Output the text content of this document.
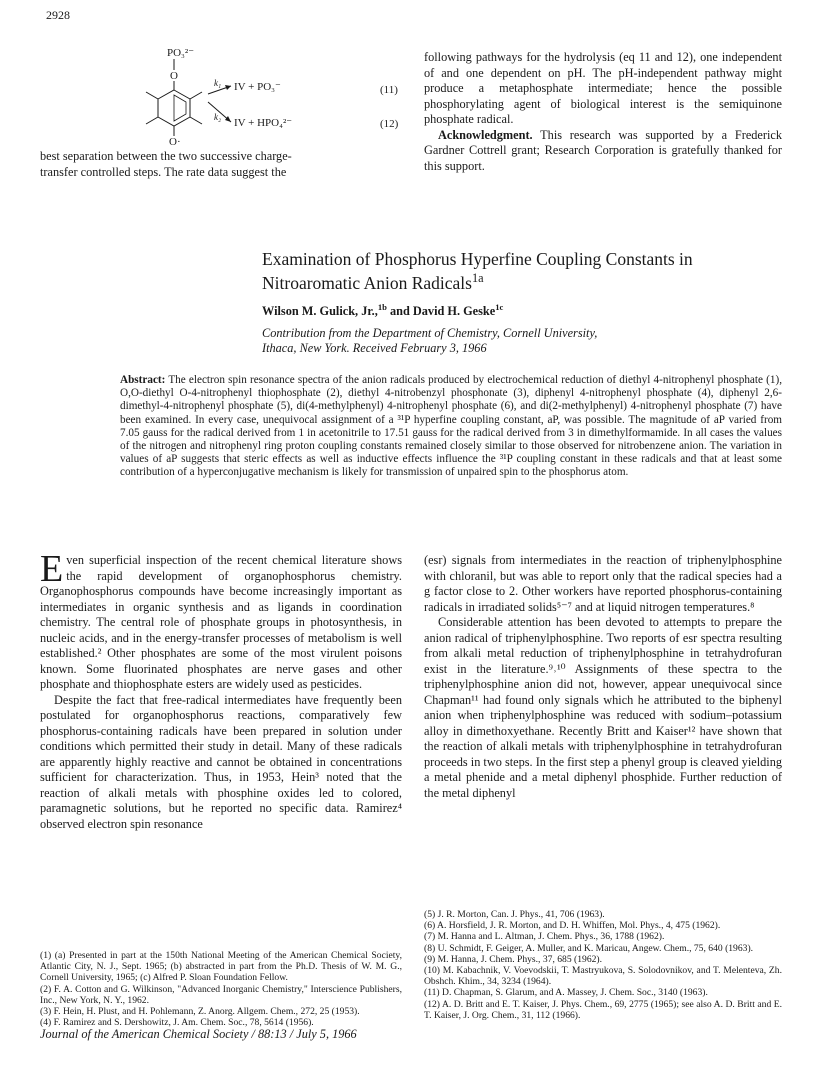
2928
PO₃²⁻
O
O·
k₁
k₂
IV + PO₃⁻
IV + HPO₄²⁻
(11)
(12)
best separation between the two successive charge-
transfer controlled steps. The rate data suggest the

following pathways for the hydrolysis (eq 11 and 12), one independent of and one dependent on pH. The pH-independent pathway might produce a metaphosphate intermediate; hence the possible phosphorylating agent of biological interest is the semiquinone phosphate radical.

Acknowledgment. This research was supported by a Frederick Gardner Cottrell grant; Research Corporation is gratefully thanked for this support.

Examination of Phosphorus Hyperfine Coupling Constants in
Nitroaromatic Anion Radicals$^{1a}$
Wilson M. Gulick, Jr.,$^{1b}$ and David H. Geske$^{1c}$
Contribution from the Department of Chemistry, Cornell University,
Ithaca, New York. Received February 3, 1966
Abstract: The electron spin resonance spectra of the anion radicals produced by electrochemical reduction of diethyl 4-nitrophenyl phosphate (1), O,O-diethyl O-4-nitrophenyl thiophosphate (2), diethyl 4-nitrobenzyl phosphonate (3), diphenyl 4-nitrophenyl phosphate (4), diphenyl 2,6-dimethyl-4-nitrophenyl phosphate (5), di(4-methylphenyl) 4-nitrophenyl phosphate (6), and di(2-methylphenyl) 4-nitrophenyl phosphate (7) have been examined. In every case, unequivocal assignment of a ³¹P hyperfine coupling constant, aP, was possible. The magnitude of aP varied from 7.05 gauss for the radical derived from 1 in acetonitrile to 17.51 gauss for the radical derived from 3 in dimethylformamide. In all cases the values of the nitrogen and nitrophenyl ring proton coupling constants remained closely similar to those observed for nitrobenzene anion. The variation in values of aP suggests that steric effects as well as inductive effects influence the ³¹P coupling constant in these radicals and that at least some contribution of a hyperconjugative mechanism is likely for transmission of unpaired spin to the phosphorus atom.

Even superficial inspection of the recent chemical literature shows the rapid development of organophosphorus chemistry. Organophosphorus compounds have become increasingly important as intermediates in organic synthesis and as ligands in coordination chemistry. The central role of phosphate groups in photosynthesis, in nucleic acids, and in the energy-transfer processes of metabolism is well established.² Other phosphates are some of the most virulent poisons known. Some fluorinated phosphates are nerve gases and other phosphate and thiophosphate esters are widely used as pesticides.

Despite the fact that free-radical intermediates have frequently been postulated for organophosphorus reactions, comparatively few phosphorus-containing radicals have been prepared in solution under conditions which permitted their study in detail. Many of these radicals are apparently highly reactive and cannot be obtained in concentrations sufficient for characterization. Thus, in 1953, Hein³ noted that the reaction of alkali metals with phosphine oxides led to colored, paramagnetic solutions, but he reported no specific data. Ramirez⁴ observed electron spin resonance

(esr) signals from intermediates in the reaction of triphenylphosphine with chloranil, but was able to report only that the radical species had a g factor close to 2. Other workers have reported phosphorus-containing radicals in irradiated solids⁵⁻⁷ and at liquid nitrogen temperatures.⁸

Considerable attention has been devoted to attempts to prepare the anion radical of triphenylphosphine. Two reports of esr spectra resulting from alkali metal reduction of triphenylphosphine in tetrahydrofuran exist in the literature.⁹˒¹⁰ Assignments of these spectra to the triphenylphosphine anion did not, however, appear unequivocal since Chapman¹¹ had found only signals which he attributed to the biphenyl anion when triphenylphosphine was reduced with sodium–potassium alloy in dimethoxyethane. Recently Britt and Kaiser¹² have shown that the reaction of alkali metals with triphenylphosphine in tetrahydrofuran proceeds in two steps. In the first step a phenyl group is cleaved yielding a metal phenide and a metal diphenyl phosphide. Further reduction of the metal diphenyl

(1) (a) Presented in part at the 150th National Meeting of the American Chemical Society, Atlantic City, N. J., Sept. 1965; (b) abstracted in part from the Ph.D. Thesis of W. M. G., Cornell University, 1965; (c) Alfred P. Sloan Foundation Fellow.

(2) F. A. Cotton and G. Wilkinson, "Advanced Inorganic Chemistry," Interscience Publishers, Inc., New York, N. Y., 1962.

(3) F. Hein, H. Plust, and H. Pohlemann, Z. Anorg. Allgem. Chem., 272, 25 (1953).

(4) F. Ramirez and S. Dershowitz, J. Am. Chem. Soc., 78, 5614 (1956).

(5) J. R. Morton, Can. J. Phys., 41, 706 (1963).

(6) A. Horsfield, J. R. Morton, and D. H. Whiffen, Mol. Phys., 4, 475 (1962).

(7) M. Hanna and L. Altman, J. Chem. Phys., 36, 1788 (1962).

(8) U. Schmidt, F. Geiger, A. Muller, and K. Maricau, Angew. Chem., 75, 640 (1963).

(9) M. Hanna, J. Chem. Phys., 37, 685 (1962).

(10) M. Kabachnik, V. Voevodskii, T. Mastryukova, S. Solodovnikov, and T. Melenteva, Zh. Obshch. Khim., 34, 3234 (1964).

(11) D. Chapman, S. Glarum, and A. Massey, J. Chem. Soc., 3140 (1963).

(12) A. D. Britt and E. T. Kaiser, J. Phys. Chem., 69, 2775 (1965); see also A. D. Britt and E. T. Kaiser, J. Org. Chem., 31, 112 (1966).

Journal of the American Chemical Society / 88:13 / July 5, 1966
